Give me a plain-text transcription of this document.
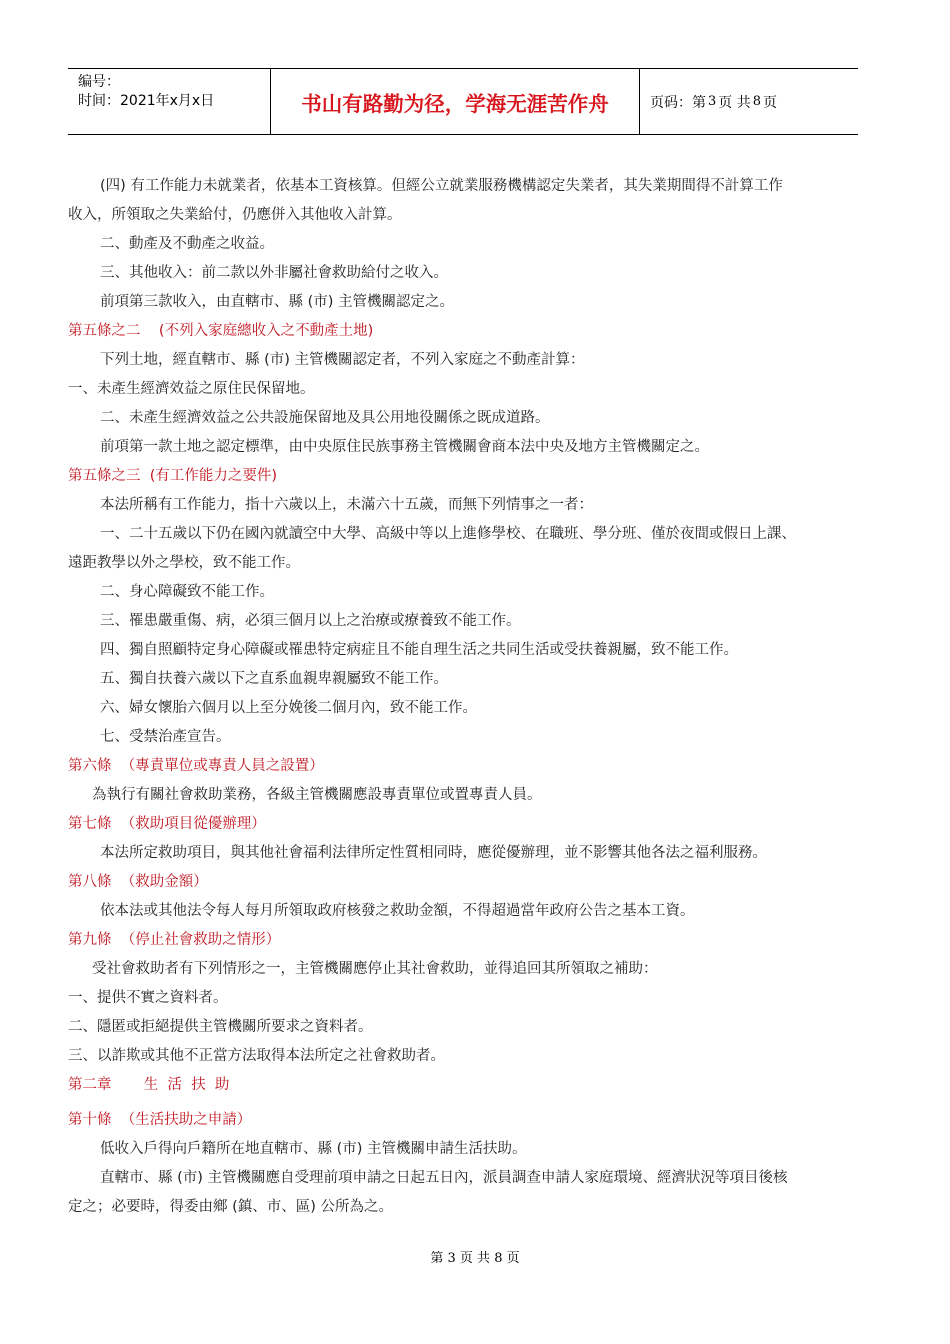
编号：
时间：2021年x月x日	书山有路勤为径，学海无涯苦作舟	页码：第 3 页 共 8 页

(四) 有工作能力未就業者，依基本工資核算。但經公立就業服務機構認定失業者，其失業期間得不計算工作

收入，所領取之失業給付，仍應併入其他收入計算。

二、動產及不動產之收益。

三、其他收入：前二款以外非屬社會救助給付之收入。

前項第三款收入，由直轄市、縣 (市) 主管機關認定之。

第五條之二    (不列入家庭總收入之不動產土地)

下列土地，經直轄市、縣 (市) 主管機關認定者，不列入家庭之不動產計算：

一、未產生經濟效益之原住民保留地。

二、未產生經濟效益之公共設施保留地及具公用地役關係之既成道路。

前項第一款土地之認定標準，由中央原住民族事務主管機關會商本法中央及地方主管機關定之。

第五條之三  (有工作能力之要件)

本法所稱有工作能力，指十六歲以上，未滿六十五歲，而無下列情事之一者：

一、二十五歲以下仍在國內就讀空中大學、高級中等以上進修學校、在職班、學分班、僅於夜間或假日上課、

遠距教學以外之學校，致不能工作。

二、身心障礙致不能工作。

三、罹患嚴重傷、病，必須三個月以上之治療或療養致不能工作。

四、獨自照顧特定身心障礙或罹患特定病症且不能自理生活之共同生活或受扶養親屬，致不能工作。

五、獨自扶養六歲以下之直系血親卑親屬致不能工作。

六、婦女懷胎六個月以上至分娩後二個月內，致不能工作。

七、受禁治產宣告。

第六條  （專責單位或專責人員之設置）

為執行有關社會救助業務，各級主管機關應設專責單位或置專責人員。

第七條  （救助項目從優辦理）

本法所定救助項目，與其他社會福利法律所定性質相同時，應從優辦理，並不影響其他各法之福利服務。

第八條  （救助金額）

依本法或其他法令每人每月所領取政府核發之救助金額，不得超過當年政府公告之基本工資。

第九條  （停止社會救助之情形）

受社會救助者有下列情形之一，主管機關應停止其社會救助，並得追回其所領取之補助：

一、提供不實之資料者。

二、隱匿或拒絕提供主管機關所要求之資料者。

三、以詐欺或其他不正當方法取得本法所定之社會救助者。

第二章       生  活  扶  助

第十條  （生活扶助之申請）

低收入戶得向戶籍所在地直轄市、縣 (市) 主管機關申請生活扶助。

直轄市、縣 (市) 主管機關應自受理前項申請之日起五日內，派員調查申請人家庭環境、經濟狀況等項目後核

定之；必要時，得委由鄉 (鎮、市、區) 公所為之。

第 3 页 共 8 页
